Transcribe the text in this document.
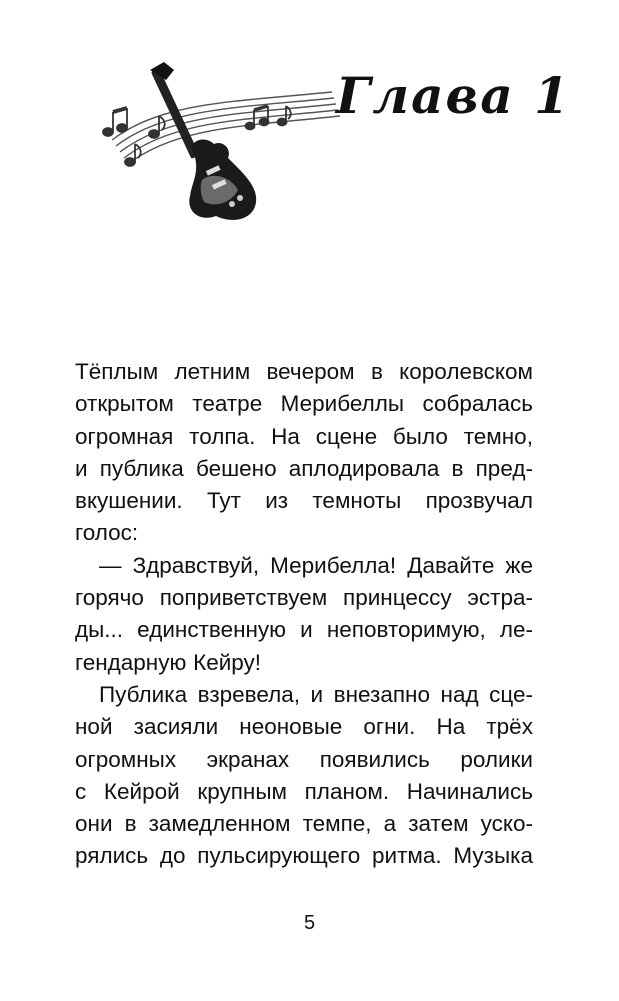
Глава 1
Тёплым летним вечером в королевском
открытом театре Мерибеллы собралась
огромная толпа. На сцене было темно,
и публика бешено аплодировала в пред-
вкушении. Тут из темноты прозвучал
голос:
— Здравствуй, Мерибелла! Давайте же
горячо поприветствуем принцессу эстра-
ды... единственную и неповторимую, ле-
гендарную Кейру!
Публика взревела, и внезапно над сце-
ной засияли неоновые огни. На трёх
огромных экранах появились ролики
с Кейрой крупным планом. Начинались
они в замедленном темпе, а затем уско-
рялись до пульсирующего ритма. Музыка
5
